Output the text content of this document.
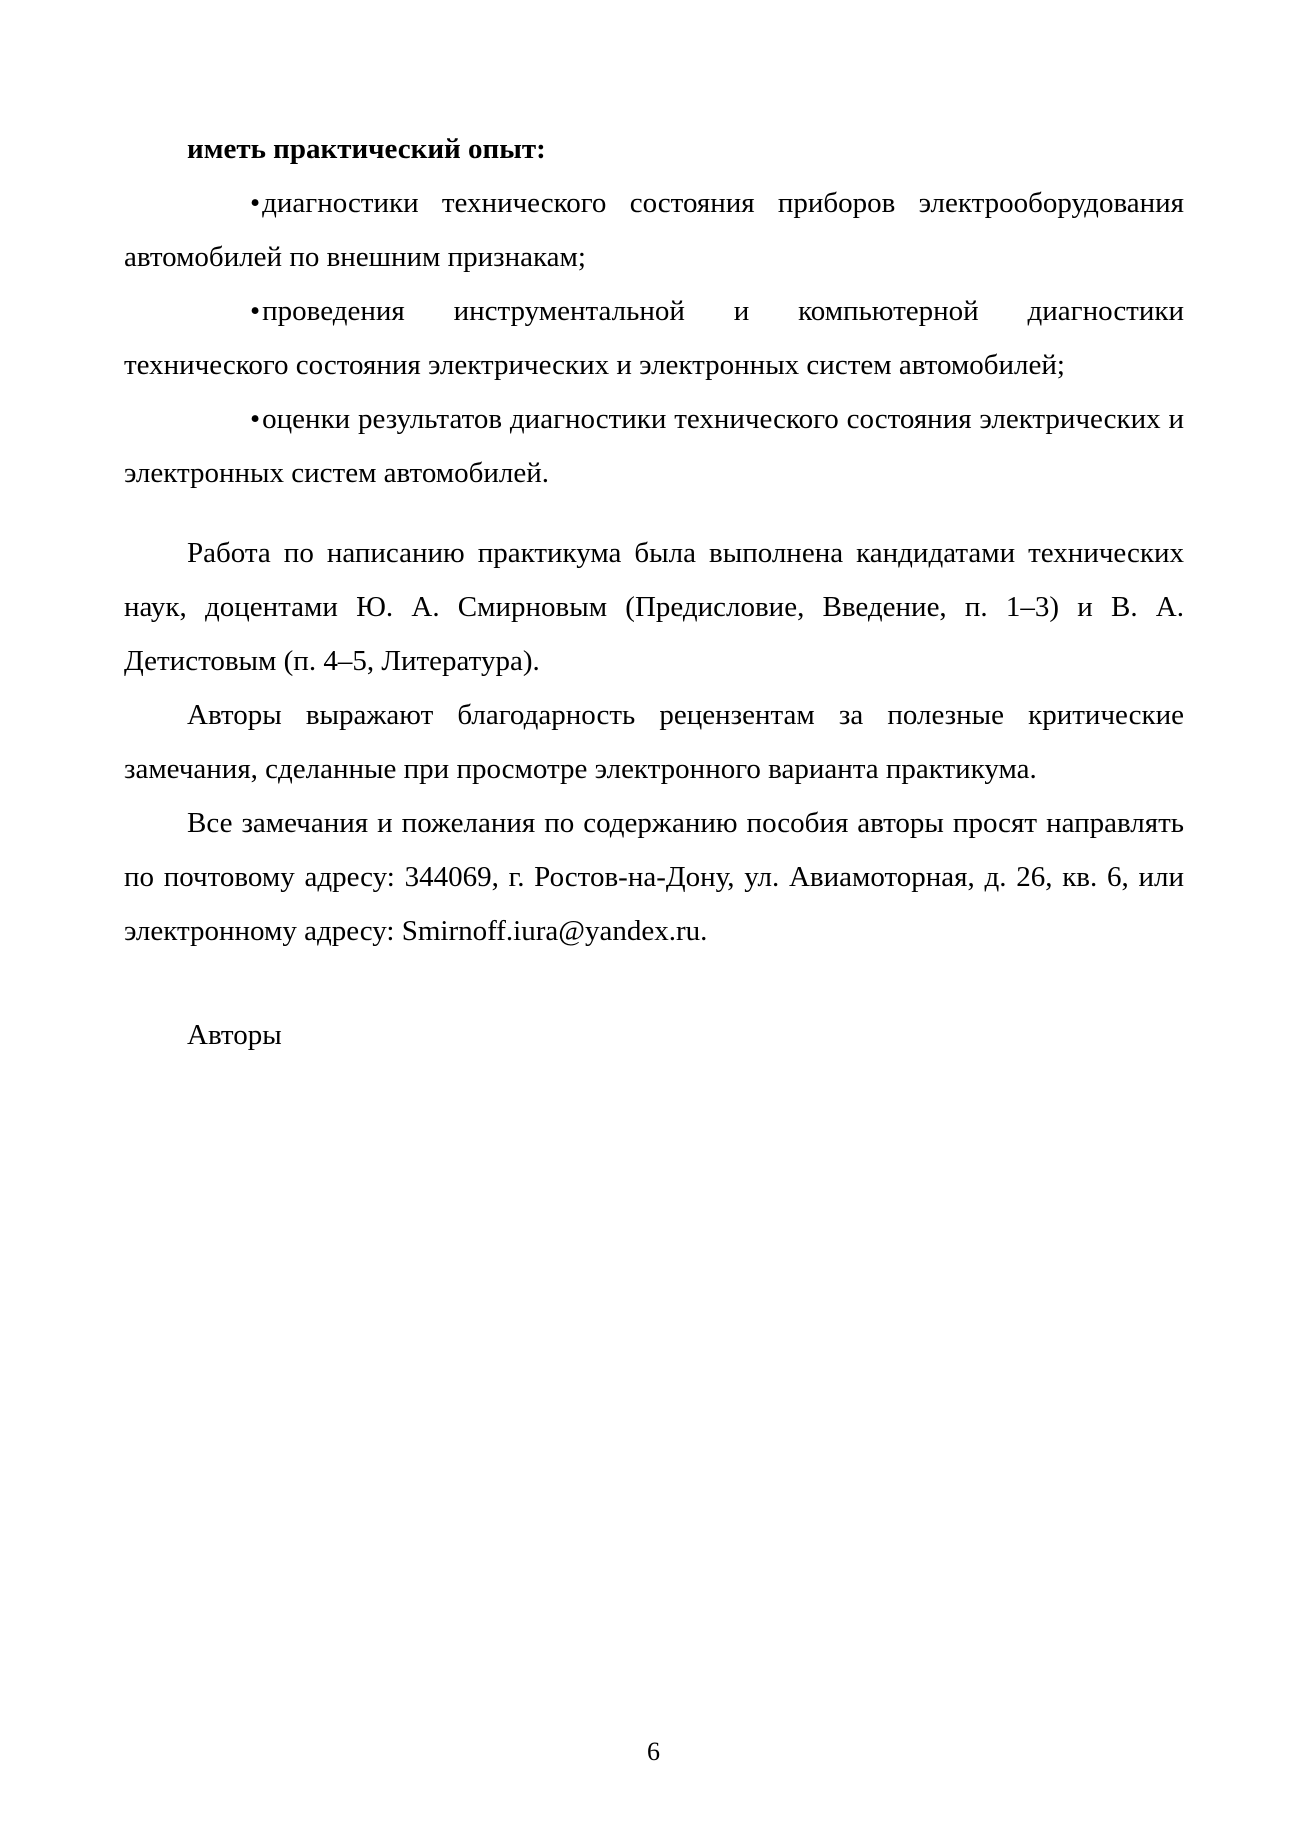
иметь практический опыт:

•диагностики технического состояния приборов электрооборудования автомобилей по внешним признакам;

•проведения инструментальной и компьютерной диагностики технического состояния электрических и электронных систем автомобилей;

•оценки результатов диагностики технического состояния электрических и электронных систем автомобилей.

Работа по написанию практикума была выполнена кандидатами технических наук, доцентами Ю. А. Смирновым (Предисловие, Введение, п. 1–3) и В. А. Детистовым (п. 4–5, Литература).

Авторы выражают благодарность рецензентам за полезные критические замечания, сделанные при просмотре электронного варианта практикума.

Все замечания и пожелания по содержанию пособия авторы просят направлять по почтовому адресу: 344069, г. Ростов-на-Дону, ул. Авиамоторная, д. 26, кв. 6, или электронному адресу: Smirnoff.iura@yandex.ru.

Авторы

6
